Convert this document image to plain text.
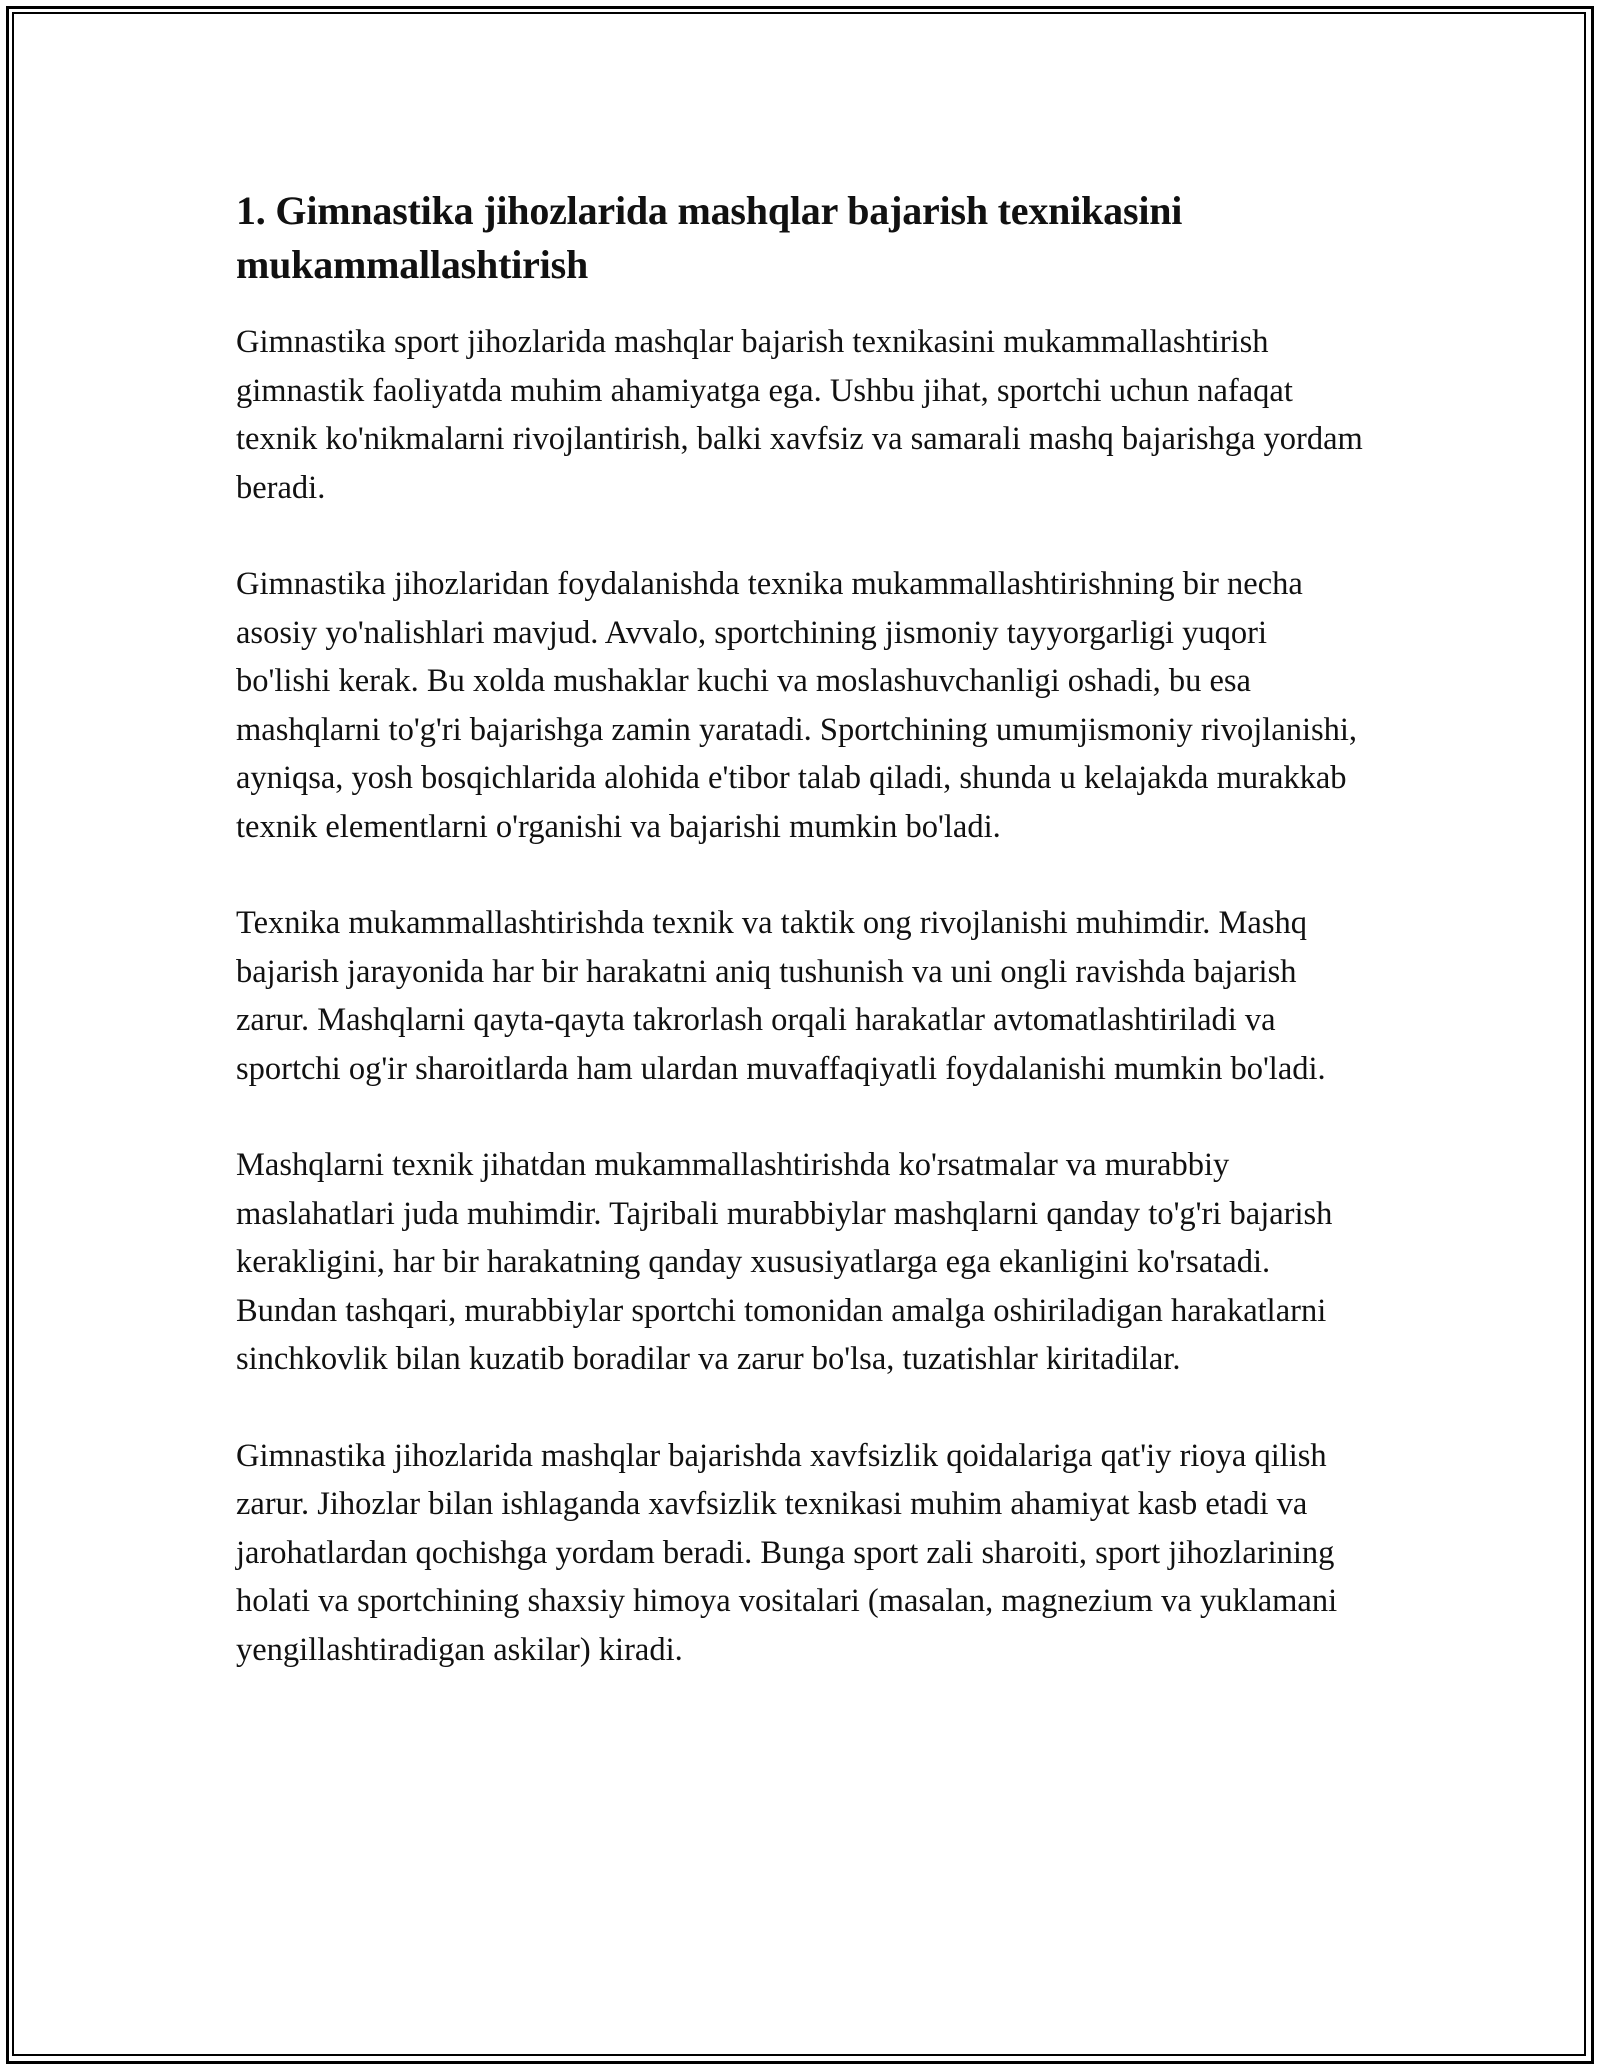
1. Gimnastika jihozlarida mashqlar bajarish texnikasini mukammallashtirish

Gimnastika sport jihozlarida mashqlar bajarish texnikasini mukammallashtirish gimnastik faoliyatda muhim ahamiyatga ega. Ushbu jihat, sportchi uchun nafaqat texnik ko'nikmalarni rivojlantirish, balki xavfsiz va samarali mashq bajarishga yordam beradi.

Gimnastika jihozlaridan foydalanishda texnika mukammallashtirishning bir necha asosiy yo'nalishlari mavjud. Avvalo, sportchining jismoniy tayyorgarligi yuqori bo'lishi kerak. Bu xolda mushaklar kuchi va moslashuvchanligi oshadi, bu esa mashqlarni to'g'ri bajarishga zamin yaratadi. Sportchining umumjismoniy rivojlanishi, ayniqsa, yosh bosqichlarida alohida e'tibor talab qiladi, shunda u kelajakda murakkab texnik elementlarni o'rganishi va bajarishi mumkin bo'ladi.

Texnika mukammallashtirishda texnik va taktik ong rivojlanishi muhimdir. Mashq bajarish jarayonida har bir harakatni aniq tushunish va uni ongli ravishda bajarish zarur. Mashqlarni qayta-qayta takrorlash orqali harakatlar avtomatlashtiriladi va sportchi og'ir sharoitlarda ham ulardan muvaffaqiyatli foydalanishi mumkin bo'ladi.

Mashqlarni texnik jihatdan mukammallashtirishda ko'rsatmalar va murabbiy maslahatlari juda muhimdir. Tajribali murabbiylar mashqlarni qanday to'g'ri bajarish kerakligini, har bir harakatning qanday xususiyatlarga ega ekanligini ko'rsatadi. Bundan tashqari, murabbiylar sportchi tomonidan amalga oshiriladigan harakatlarni sinchkovlik bilan kuzatib boradilar va zarur bo'lsa, tuzatishlar kiritadilar.

Gimnastika jihozlarida mashqlar bajarishda xavfsizlik qoidalariga qat'iy rioya qilish zarur. Jihozlar bilan ishlaganda xavfsizlik texnikasi muhim ahamiyat kasb etadi va jarohatlardan qochishga yordam beradi. Bunga sport zali sharoiti, sport jihozlarining holati va sportchining shaxsiy himoya vositalari (masalan, magnezium va yuklamani yengillashtiradigan askilar) kiradi.
